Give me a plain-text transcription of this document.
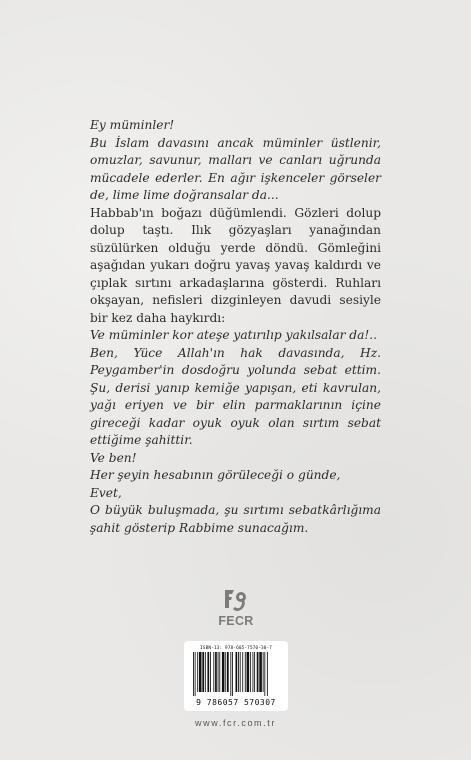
Ey müminler!

Bu İslam davasını ancak müminler üstlenir, omuzlar, savunur, malları ve canları uğrunda mücadele ederler. En ağır işkenceler görseler de, lime lime doğransalar da...

Habbab'ın boğazı düğümlendi. Gözleri dolup dolup taştı. Ilık gözyaşları yanağından süzülürken olduğu yerde döndü. Gömleğini aşağıdan yukarı doğru yavaş yavaş kaldırdı ve çıplak sırtını arkadaşlarına gösterdi. Ruhları okşayan, nefisleri dizginleyen davudi sesiyle bir kez daha haykırdı:

Ve müminler kor ateşe yatırılıp yakılsalar da!..

Ben, Yüce Allah'ın hak davasında, Hz. Peygamber'in dosdoğru yolunda sebat ettim. Şu, derisi yanıp kemiğe yapışan, eti kavrulan, yağı eriyen ve bir elin parmaklarının içine gireceği kadar oyuk oyuk olan sırtım sebat ettiğime şahittir.

Ve ben!

Her şeyin hesabının görüleceği o günde,

Evet,

O büyük buluşmada, şu sırtımı sebatkârlığıma şahit gösterip Rabbime sunacağım.

FECR
ISBN-13: 978-605-7570-30-7
9 786057 570307
www.fcr.com.tr
